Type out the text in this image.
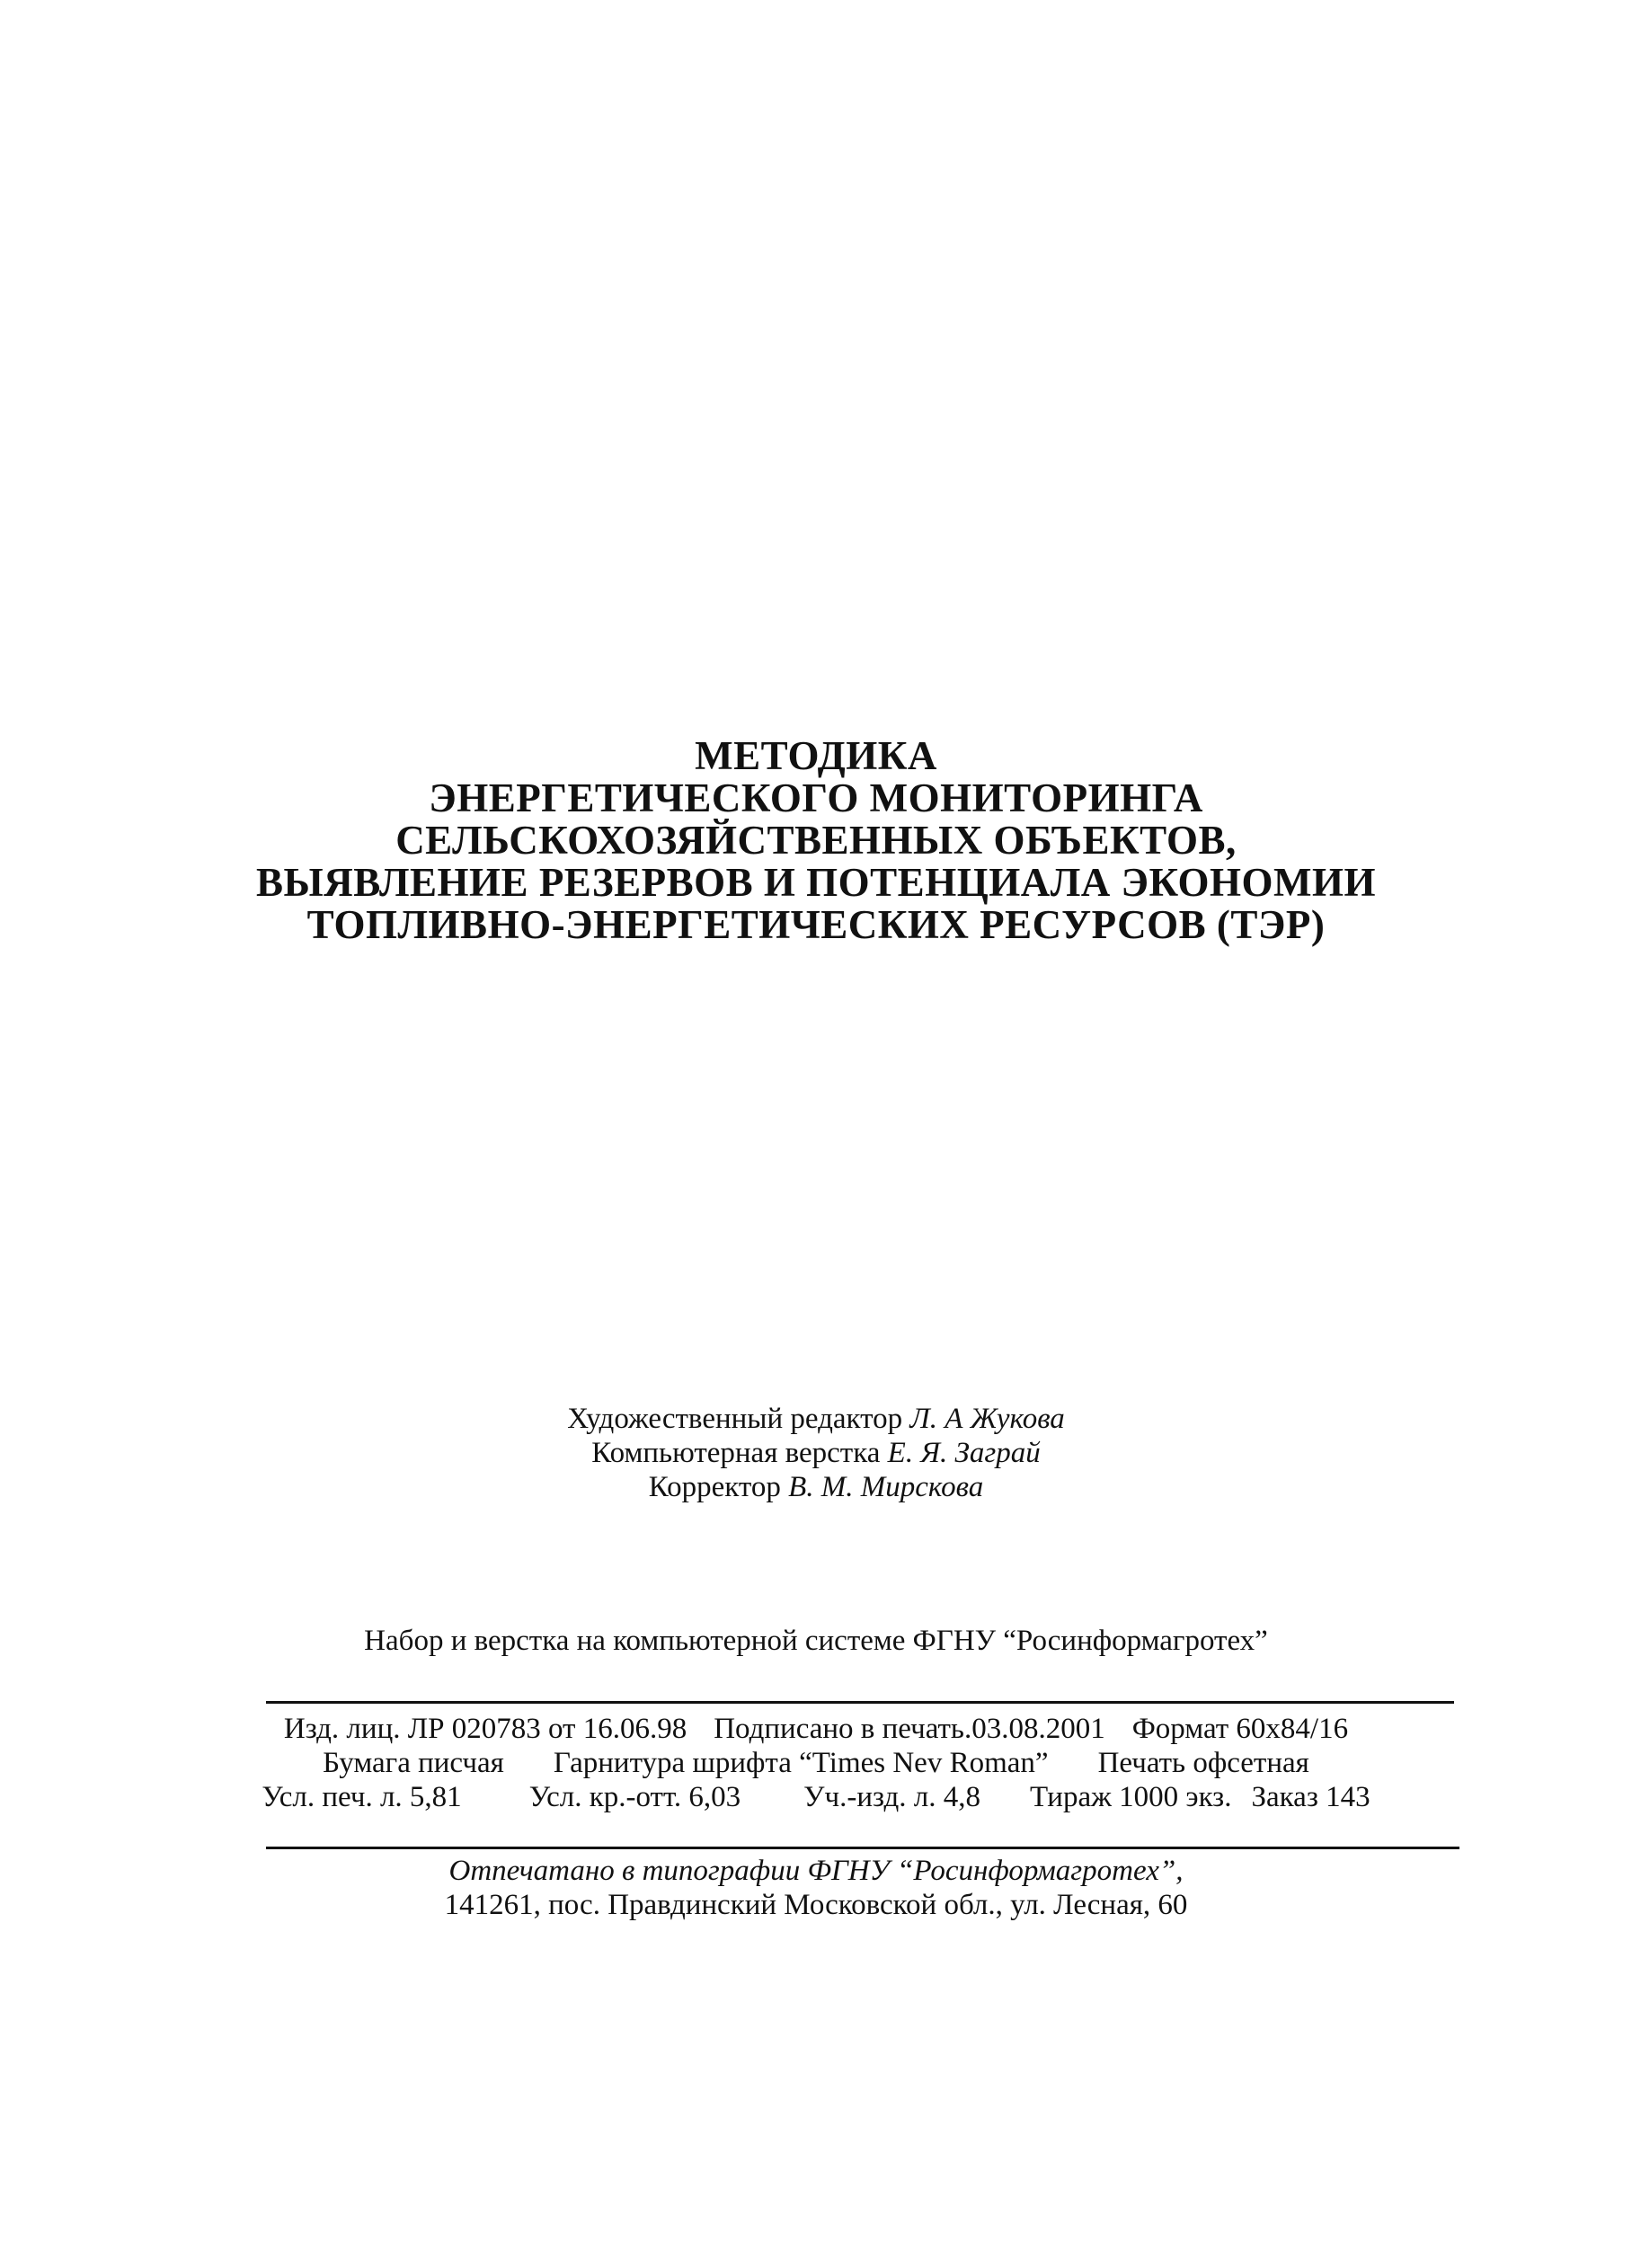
МЕТОДИКА
ЭНЕРГЕТИЧЕСКОГО МОНИТОРИНГА
СЕЛЬСКОХОЗЯЙСТВЕННЫХ ОБЪЕКТОВ,
ВЫЯВЛЕНИЕ РЕЗЕРВОВ И ПОТЕНЦИАЛА ЭКОНОМИИ
ТОПЛИВНО-ЭНЕРГЕТИЧЕСКИХ РЕСУРСОВ (ТЭР)
Художественный редактор Л. А Жукова
Компьютерная верстка Е. Я. Заграй
Корректор В. М. Мирскова
Набор и верстка на компьютерной системе ФГНУ “Росинформагротех”
Изд. лиц. ЛР 020783 от 16.06.98 Подписано в печать.03.08.2001 Формат 60x84/16
Бумага писчая Гарнитура шрифта “Times Nev Roman” Печать офсетная
Усл. печ. л. 5,81 Усл. кр.-отт. 6,03 Уч.-изд. л. 4,8 Тираж 1000 экз. Заказ 143
Отпечатано в типографии ФГНУ “Росинформагротех”,
141261, пос. Правдинский Московской обл., ул. Лесная, 60
